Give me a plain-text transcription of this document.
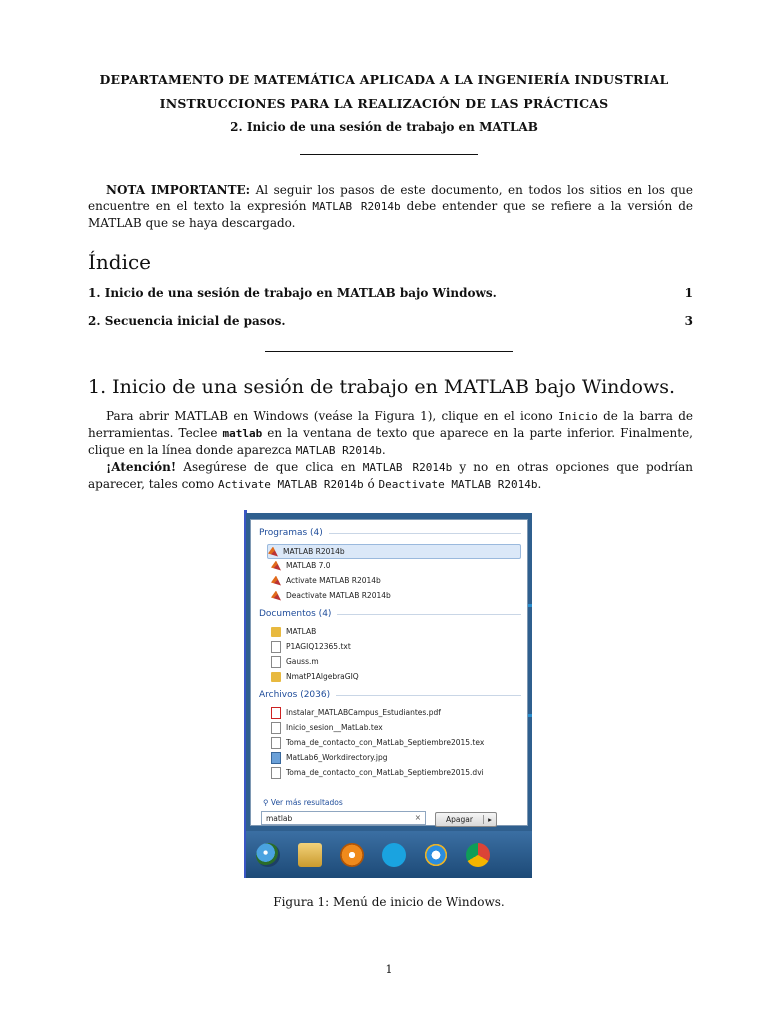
DEPARTAMENTO DE MATEMÁTICA APLICADA A LA INGENIERÍA INDUSTRIAL
INSTRUCCIONES PARA LA REALIZACIÓN DE LAS PRÁCTICAS
2. Inicio de una sesión de trabajo en MATLAB

NOTA IMPORTANTE: Al seguir los pasos de este documento, en todos los sitios en los que encuentre en el texto la expresión MATLAB R2014b debe entender que se refiere a la versión de MATLAB que se haya descargado.

Índice
1. Inicio de una sesión de trabajo en MATLAB bajo Windows.	1
2. Secuencia inicial de pasos.	3
1. Inicio de una sesión de trabajo en MATLAB bajo Windows.

Para abrir MATLAB en Windows (veáse la Figura 1), clique en el icono Inicio de la barra de herramientas. Teclee matlab en la ventana de texto que aparece en la parte inferior. Finalmente, clique en la línea donde aparezca MATLAB R2014b.

¡Atención! Asegúrese de que clica en MATLAB R2014b y no en otras opciones que podrían aparecer, tales como Activate MATLAB R2014b ó Deactivate MATLAB R2014b.

Programas (4)
MATLAB R2014b
MATLAB 7.0
Activate MATLAB R2014b
Deactivate MATLAB R2014b
Documentos (4)
MATLAB
P1AGIQ12365.txt
Gauss.m
NmatP1AlgebraGIQ
Archivos (2036)
Instalar_MATLABCampus_Estudiantes.pdf
Inicio_sesion__MatLab.tex
Toma_de_contacto_con_MatLab_Septiembre2015.tex
MatLab6_Workdirectory.jpg
Toma_de_contacto_con_MatLab_Septiembre2015.dvi
⚲ Ver más resultados
matlab	×	Apagar	▸
Figura 1: Menú de inicio de Windows.
1
